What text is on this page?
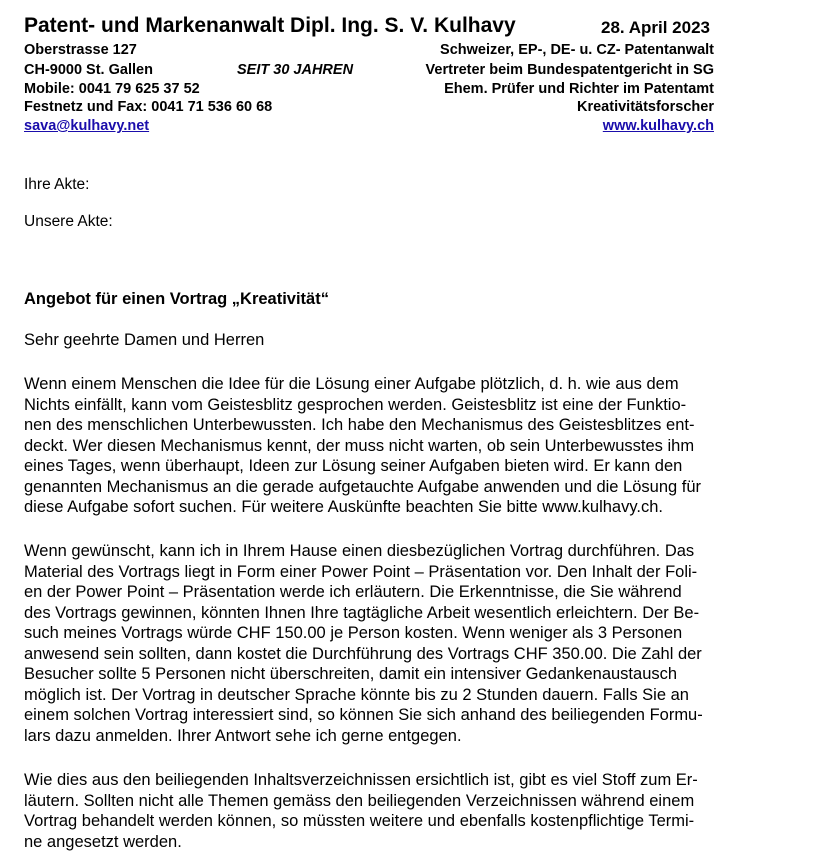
Patent- und Markenanwalt Dipl. Ing. S. V. Kulhavy	28. April 2023
Oberstrasse 127
CH-9000 St. Gallen
Mobile: 0041 79 625 37 52
Festnetz und Fax: 0041 71 536 60 68
sava@kulhavy.net
SEIT 30 JAHREN
Schweizer, EP-, DE- u. CZ- Patentanwalt
Vertreter beim Bundespatentgericht in SG
Ehem. Prüfer und Richter im Patentamt
Kreativitätsforscher
www.kulhavy.ch
Ihre Akte:
Unsere Akte:
Angebot für einen Vortrag „Kreativität“
Sehr geehrte Damen und Herren
Wenn einem Menschen die Idee für die Lösung einer Aufgabe plötzlich, d. h. wie aus dem
Nichts einfällt, kann vom Geistesblitz gesprochen werden. Geistesblitz ist eine der Funktio-
nen des menschlichen Unterbewussten. Ich habe den Mechanismus des Geistesblitzes ent-
deckt. Wer diesen Mechanismus kennt, der muss nicht warten, ob sein Unterbewusstes ihm
eines Tages, wenn überhaupt, Ideen zur Lösung seiner Aufgaben bieten wird. Er kann den
genannten Mechanismus an die gerade aufgetauchte Aufgabe anwenden und die Lösung für
diese Aufgabe sofort suchen. Für weitere Auskünfte beachten Sie bitte www.kulhavy.ch.
Wenn gewünscht, kann ich in Ihrem Hause einen diesbezüglichen Vortrag durchführen. Das
Material des Vortrags liegt in Form einer Power Point – Präsentation vor. Den Inhalt der Foli-
en der Power Point – Präsentation werde ich erläutern. Die Erkenntnisse, die Sie während
des Vortrags gewinnen, könnten Ihnen Ihre tagtägliche Arbeit wesentlich erleichtern. Der Be-
such meines Vortrags würde CHF 150.00 je Person kosten. Wenn weniger als 3 Personen
anwesend sein sollten, dann kostet die Durchführung des Vortrags CHF 350.00. Die Zahl der
Besucher sollte 5 Personen nicht überschreiten, damit ein intensiver Gedankenaustausch
möglich ist. Der Vortrag in deutscher Sprache könnte bis zu 2 Stunden dauern. Falls Sie an
einem solchen Vortrag interessiert sind, so können Sie sich anhand des beiliegenden Formu-
lars dazu anmelden. Ihrer Antwort sehe ich gerne entgegen.
Wie dies aus den beiliegenden Inhaltsverzeichnissen ersichtlich ist, gibt es viel Stoff zum Er-
läutern. Sollten nicht alle Themen gemäss den beiliegenden Verzeichnissen während einem
Vortrag behandelt werden können, so müssten weitere und ebenfalls kostenpflichtige Termi-
ne angesetzt werden.
